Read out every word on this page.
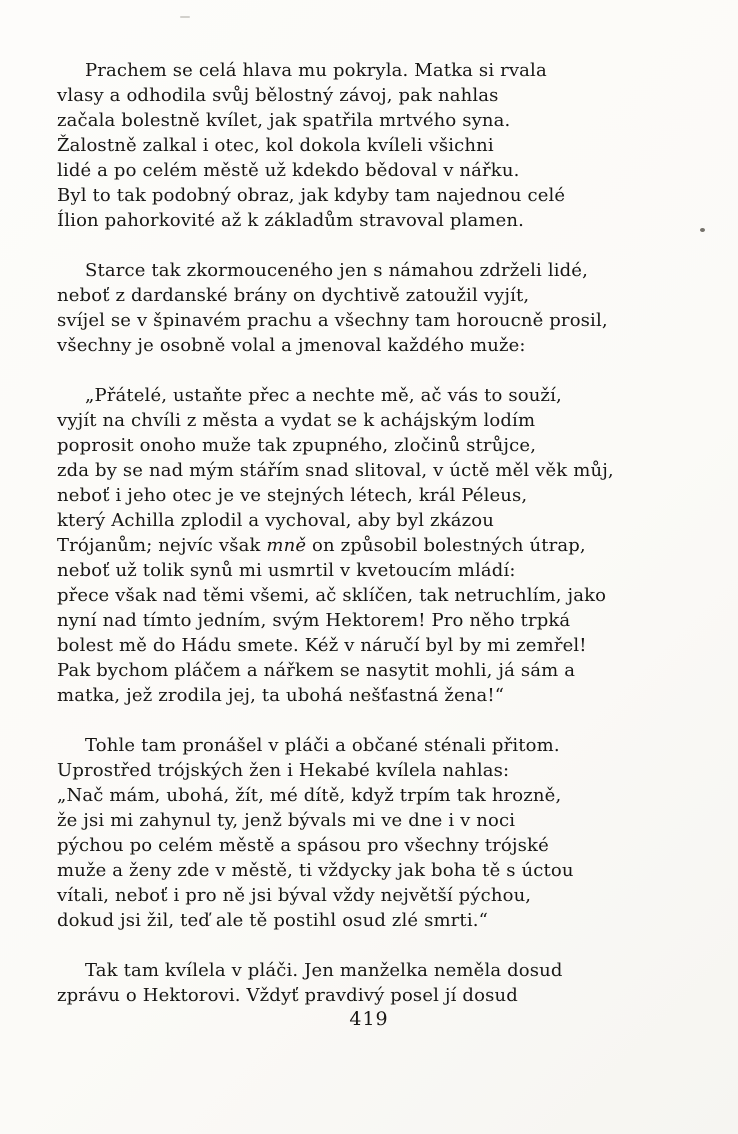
Prachem se celá hlava mu pokryla. Matka si rvala
vlasy a odhodila svůj bělostný závoj, pak nahlas
začala bolestně kvílet, jak spatřila mrtvého syna.
Žalostně zalkal i otec, kol dokola kvíleli všichni
lidé a po celém městě už kdekdo bědoval v nářku.
Byl to tak podobný obraz, jak kdyby tam najednou celé
Ílion pahorkovité až k základům stravoval plamen.
Starce tak zkormouceného jen s námahou zdrželi lidé,
neboť z dardanské brány on dychtivě zatoužil vyjít,
svíjel se v špinavém prachu a všechny tam horoucně prosil,
všechny je osobně volal a jmenoval každého muže:
„Přátelé, ustaňte přec a nechte mě, ač vás to souží,
vyjít na chvíli z města a vydat se k achájským lodím
poprosit onoho muže tak zpupného, zločinů strůjce,
zda by se nad mým stářím snad slitoval, v úctě měl věk můj,
neboť i jeho otec je ve stejných létech, král Péleus,
který Achilla zplodil a vychoval, aby byl zkázou
Trójanům; nejvíc však mně on způsobil bolestných útrap,
neboť už tolik synů mi usmrtil v kvetoucím mládí:
přece však nad těmi všemi, ač sklíčen, tak netruchlím, jako
nyní nad tímto jedním, svým Hektorem! Pro něho trpká
bolest mě do Hádu smete. Kéž v náručí byl by mi zemřel!
Pak bychom pláčem a nářkem se nasytit mohli, já sám a
matka, jež zrodila jej, ta ubohá nešťastná žena!“
Tohle tam pronášel v pláči a občané sténali přitom.
Uprostřed trójských žen i Hekabé kvílela nahlas:
„Nač mám, ubohá, žít, mé dítě, když trpím tak hrozně,
že jsi mi zahynul ty, jenž bývals mi ve dne i v noci
pýchou po celém městě a spásou pro všechny trójské
muže a ženy zde v městě, ti vždycky jak boha tě s úctou
vítali, neboť i pro ně jsi býval vždy největší pýchou,
dokud jsi žil, teď ale tě postihl osud zlé smrti.“
Tak tam kvílela v pláči. Jen manželka neměla dosud
zprávu o Hektorovi. Vždyť pravdivý posel jí dosud
419
